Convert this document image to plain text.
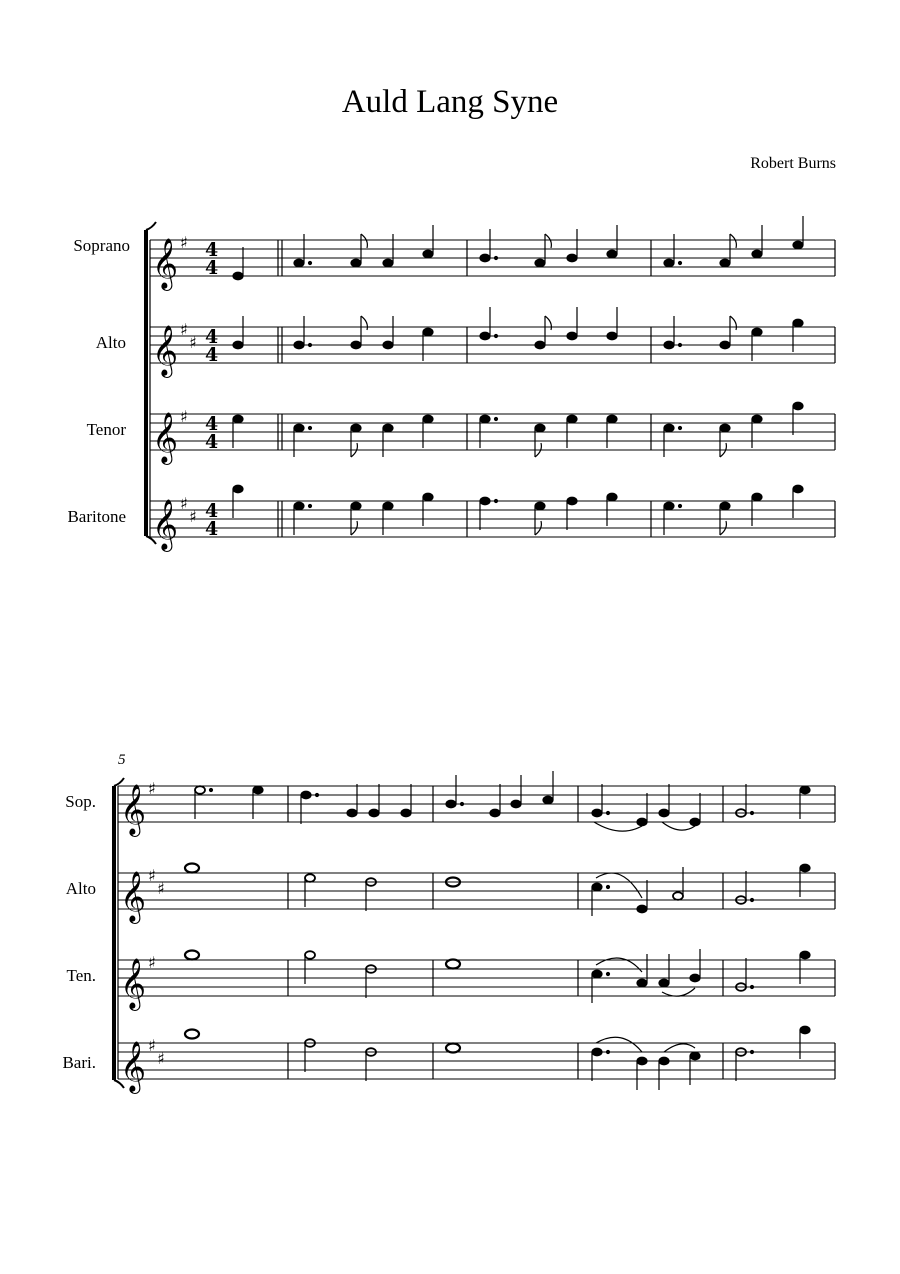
Auld Lang Syne
Robert Burns
Soprano
Alto
Tenor
Baritone
Sop.
Alto
Ten.
Bari.
5
𝄞
𝄞
𝄞
𝄞
♯
♯
♯
♯
♯
♯
4
4
4
4
4
4
4
4
𝄞
𝄞
𝄞
𝄞
♯
♯
♯
♯
♯
♯
